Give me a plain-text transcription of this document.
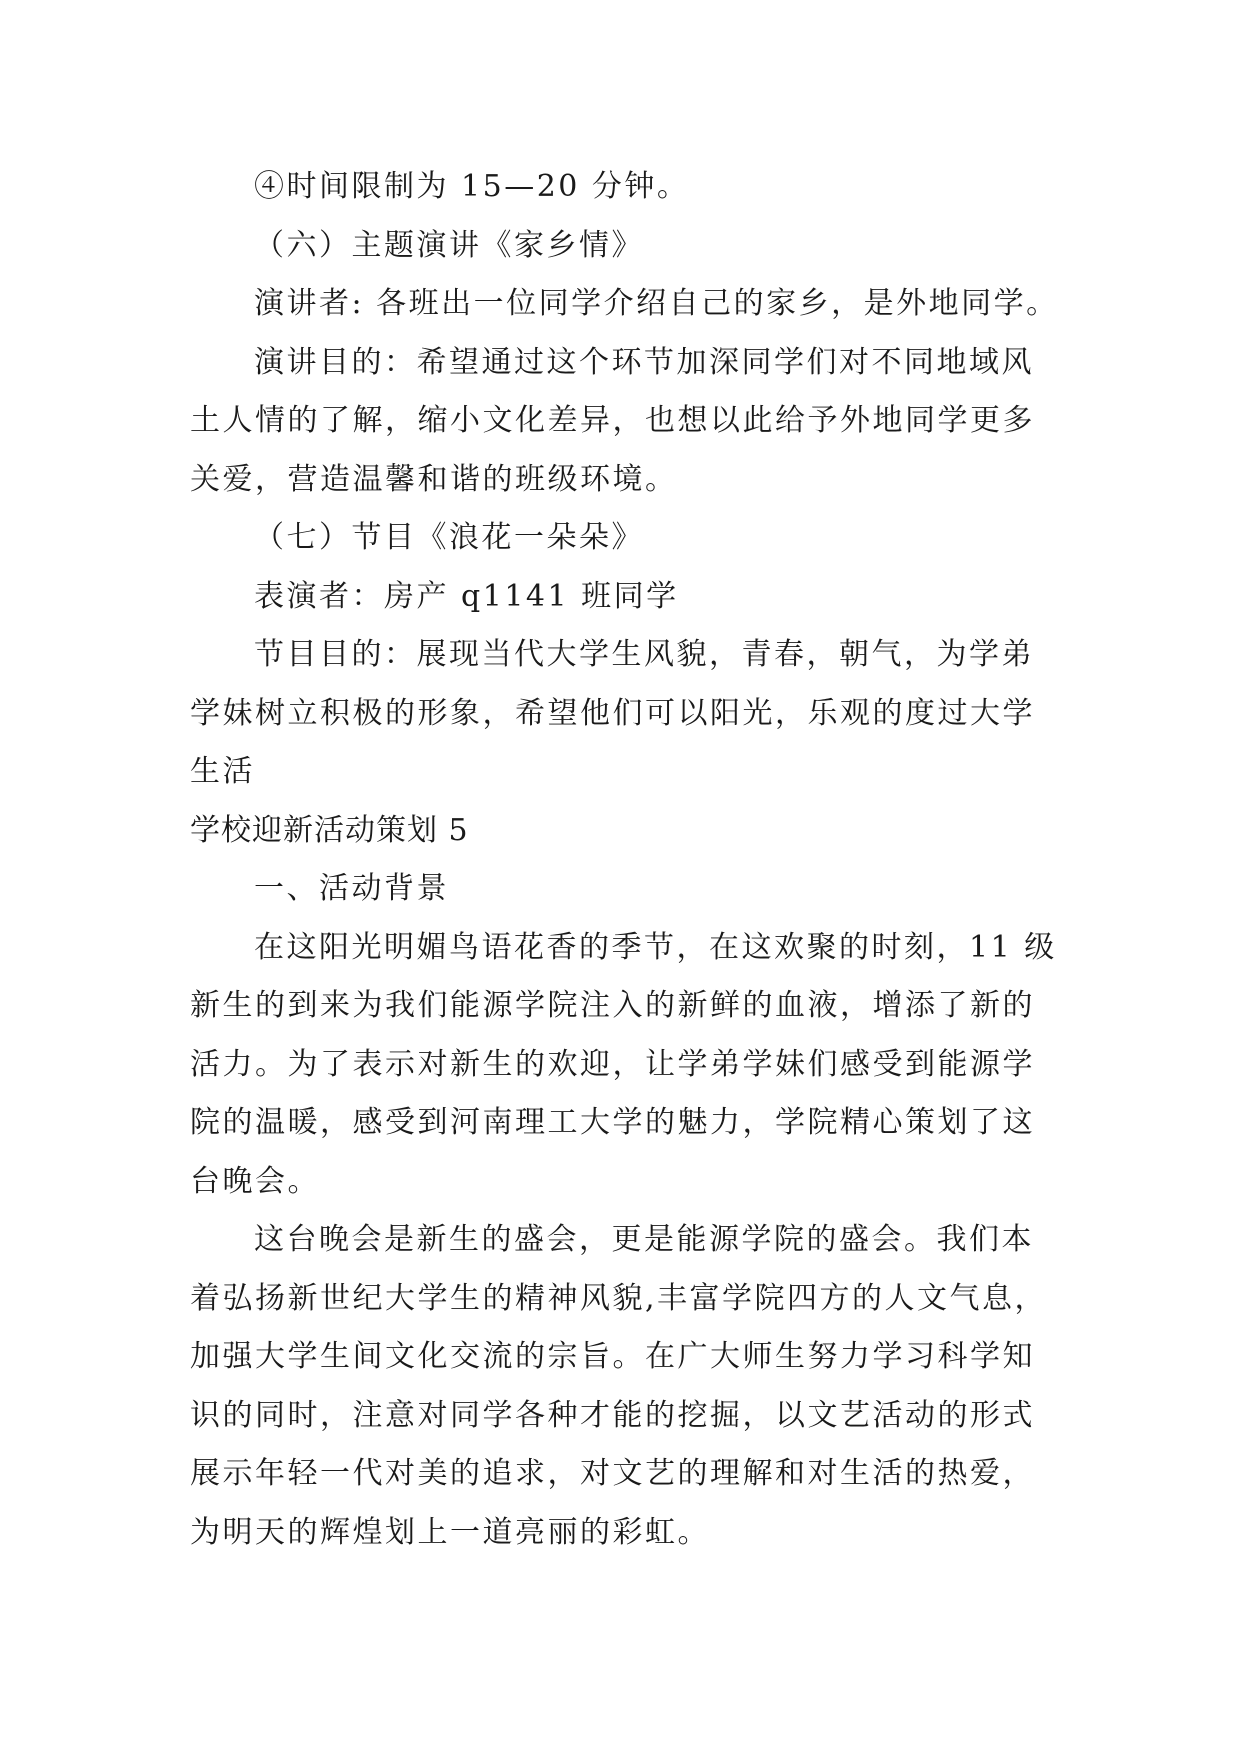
④时间限制为 15—20 分钟。

（六）主题演讲《家乡情》

演讲者: 各班出一位同学介绍自己的家乡，是外地同学。

演讲目的：希望通过这个环节加深同学们对不同地域风

土人情的了解，缩小文化差异，也想以此给予外地同学更多

关爱，营造温馨和谐的班级环境。

（七）节目《浪花一朵朵》

表演者：房产 q1141 班同学

节目目的：展现当代大学生风貌，青春，朝气，为学弟

学妹树立积极的形象，希望他们可以阳光，乐观的度过大学

生活

学校迎新活动策划 5

一、活动背景

在这阳光明媚鸟语花香的季节，在这欢聚的时刻，11 级

新生的到来为我们能源学院注入的新鲜的血液，增添了新的

活力。为了表示对新生的欢迎，让学弟学妹们感受到能源学

院的温暖，感受到河南理工大学的魅力，学院精心策划了这

台晚会。

这台晚会是新生的盛会，更是能源学院的盛会。我们本

着弘扬新世纪大学生的精神风貌,丰富学院四方的人文气息，

加强大学生间文化交流的宗旨。在广大师生努力学习科学知

识的同时，注意对同学各种才能的挖掘，以文艺活动的形式

展示年轻一代对美的追求，对文艺的理解和对生活的热爱，

为明天的辉煌划上一道亮丽的彩虹。
